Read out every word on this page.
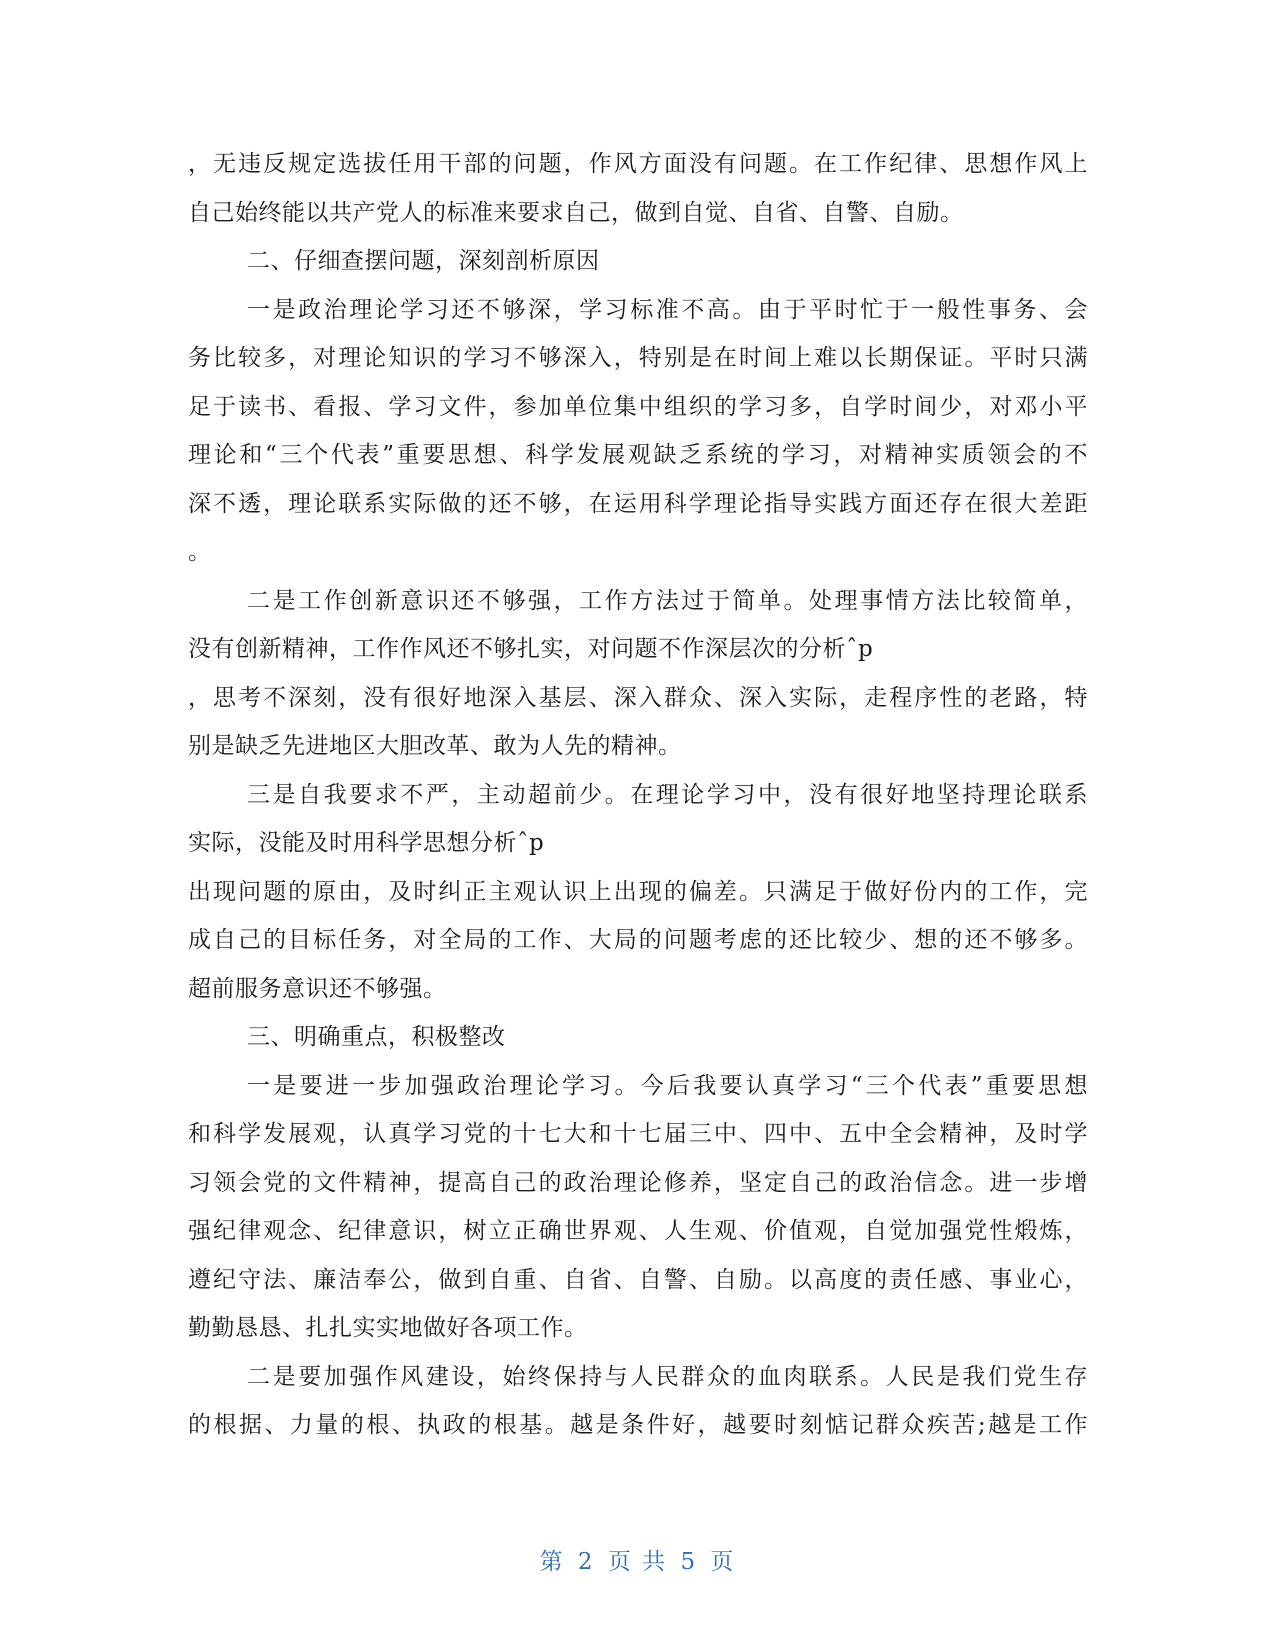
，无违反规定选拔任用干部的问题，作风方面没有问题。在工作纪律、思想作风上
自己始终能以共产党人的标准来要求自己，做到自觉、自省、自警、自励。
二、仔细查摆问题，深刻剖析原因
一是政治理论学习还不够深，学习标准不高。由于平时忙于一般性事务、会
务比较多，对理论知识的学习不够深入，特别是在时间上难以长期保证。平时只满
足于读书、看报、学习文件，参加单位集中组织的学习多，自学时间少，对邓小平
理论和“三个代表”重要思想、科学发展观缺乏系统的学习，对精神实质领会的不
深不透，理论联系实际做的还不够，在运用科学理论指导实践方面还存在很大差距
。
二是工作创新意识还不够强，工作方法过于简单。处理事情方法比较简单，
没有创新精神，工作作风还不够扎实，对问题不作深层次的分析ˆp
，思考不深刻，没有很好地深入基层、深入群众、深入实际，走程序性的老路，特
别是缺乏先进地区大胆改革、敢为人先的精神。
三是自我要求不严，主动超前少。在理论学习中，没有很好地坚持理论联系
实际，没能及时用科学思想分析ˆp
出现问题的原由，及时纠正主观认识上出现的偏差。只满足于做好份内的工作，完
成自己的目标任务，对全局的工作、大局的问题考虑的还比较少、想的还不够多。
超前服务意识还不够强。
三、明确重点，积极整改
一是要进一步加强政治理论学习。今后我要认真学习“三个代表”重要思想
和科学发展观，认真学习党的十七大和十七届三中、四中、五中全会精神，及时学
习领会党的文件精神，提高自己的政治理论修养，坚定自己的政治信念。进一步增
强纪律观念、纪律意识，树立正确世界观、人生观、价值观，自觉加强党性煅炼，
遵纪守法、廉洁奉公，做到自重、自省、自警、自励。以高度的责任感、事业心，
勤勤恳恳、扎扎实实地做好各项工作。
二是要加强作风建设，始终保持与人民群众的血肉联系。人民是我们党生存
的根据、力量的根、执政的根基。越是条件好，越要时刻惦记群众疾苦;越是工作
第 2 页 共 5 页
